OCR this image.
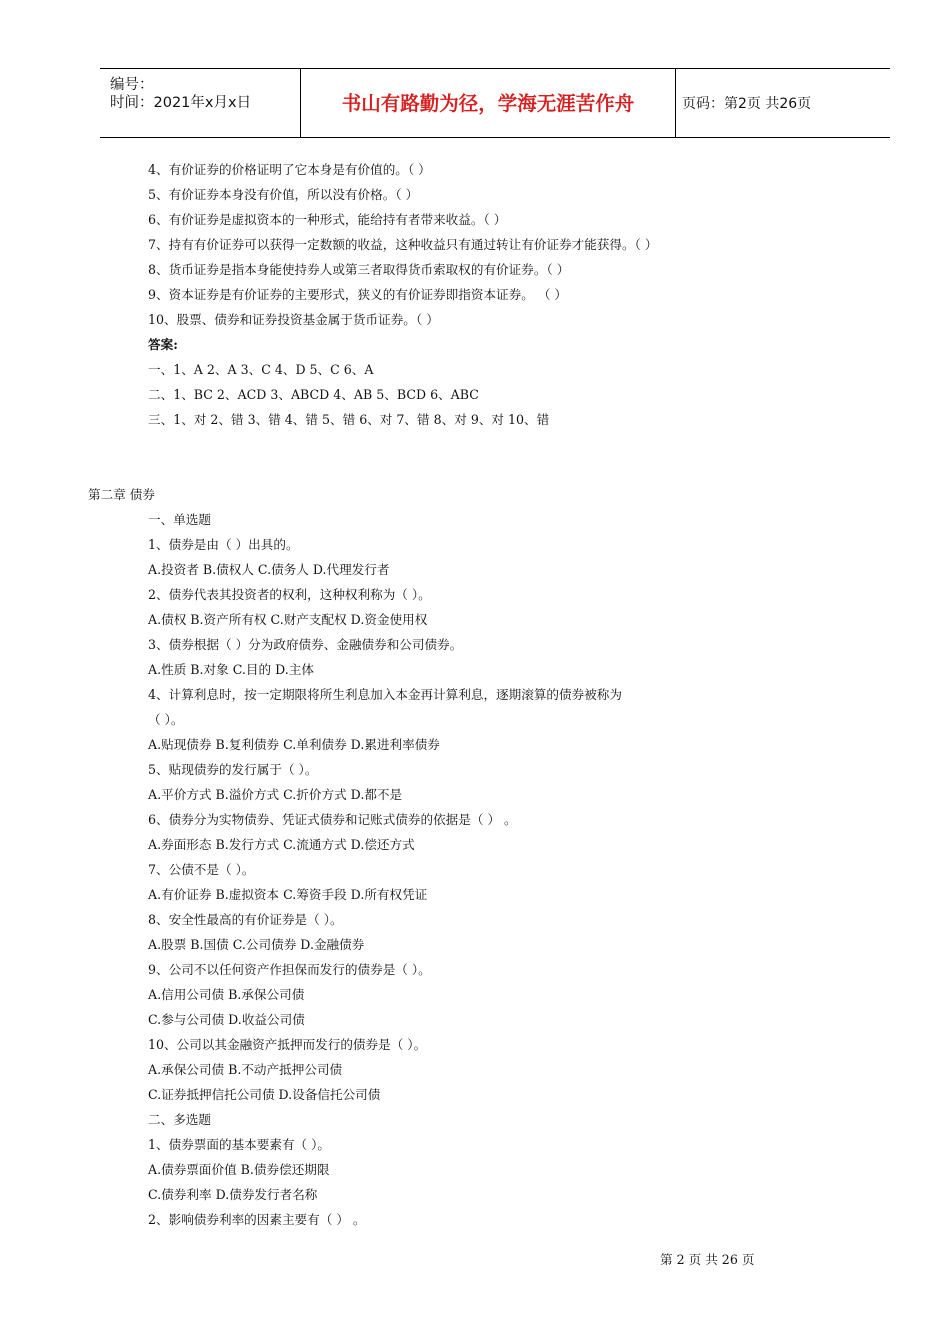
编号：
时间：2021年x月x日	书山有路勤为径，学海无涯苦作舟	页码：第2页 共26页
4、有价证券的价格证明了它本身是有价值的。（ ）
5、有价证券本身没有价值，所以没有价格。（ ）
6、有价证券是虚拟资本的一种形式，能给持有者带来收益。（ ）
7、持有有价证券可以获得一定数额的收益，这种收益只有通过转让有价证券才能获得。（ ）
8、货币证券是指本身能使持券人或第三者取得货币索取权的有价证券。（ ）
9、资本证券是有价证券的主要形式，狭义的有价证券即指资本证券。 （ ）
10、股票、债券和证券投资基金属于货币证券。（ ）
答案:
一、1、A 2、A 3、C 4、D 5、C 6、A
二、1、BC 2、ACD 3、ABCD 4、AB 5、BCD 6、ABC
三、1、对 2、错 3、错 4、错 5、错 6、对 7、错 8、对 9、对 10、错
第二章 债券
一、单选题
1、债券是由（ ）出具的。
A.投资者 B.债权人 C.债务人 D.代理发行者
2、债券代表其投资者的权利，这种权利称为（ ）。
A.债权 B.资产所有权 C.财产支配权 D.资金使用权
3、债券根据（ ）分为政府债券、金融债券和公司债券。
A.性质 B.对象 C.目的 D.主体
4、计算利息时，按一定期限将所生利息加入本金再计算利息，逐期滚算的债券被称为
（ ）。
A.贴现债券 B.复利债券 C.单利债券 D.累进利率债券
5、贴现债券的发行属于（ ）。
A.平价方式 B.溢价方式 C.折价方式 D.都不是
6、债券分为实物债券、凭证式债券和记账式债券的依据是（ ） 。
A.券面形态 B.发行方式 C.流通方式 D.偿还方式
7、公债不是（ ）。
A.有价证券 B.虚拟资本 C.筹资手段 D.所有权凭证
8、安全性最高的有价证券是（ ）。
A.股票 B.国债 C.公司债券 D.金融债券
9、公司不以任何资产作担保而发行的债券是（ ）。
A.信用公司债 B.承保公司债
C.参与公司债 D.收益公司债
10、公司以其金融资产抵押而发行的债券是（ ）。
A.承保公司债 B.不动产抵押公司债
C.证券抵押信托公司债 D.设备信托公司债
二、多选题
1、债券票面的基本要素有（ ）。
A.债券票面价值 B.债券偿还期限
C.债券利率 D.债券发行者名称
2、影响债券利率的因素主要有（ ） 。
第 2 页 共 26 页
